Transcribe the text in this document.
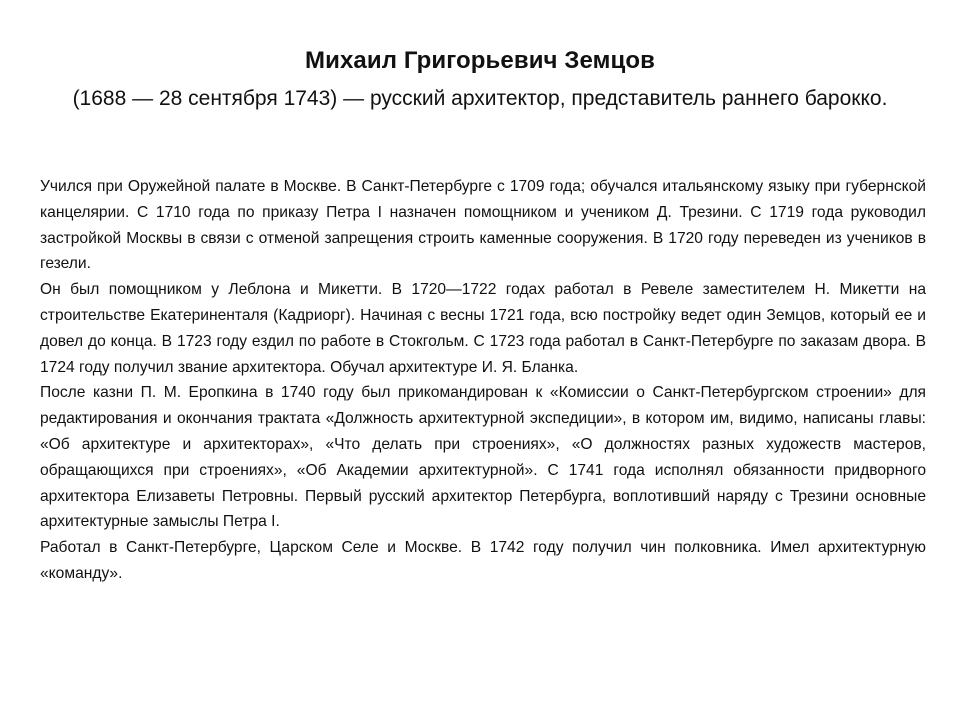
Михаил Григорьевич Земцов

(1688 — 28 сентября 1743) — русский архитектор, представитель раннего барокко.

Учился при Оружейной палате в Москве. В Санкт-Петербурге с 1709 года; обучался итальянскому языку при губернской канцелярии. С 1710 года по приказу Петра I назначен помощником и учеником Д. Трезини. С 1719 года руководил застройкой Москвы в связи с отменой запрещения строить каменные сооружения. В 1720 году переведен из учеников в гезели.

Он был помощником у Леблона и Микетти. В 1720—1722 годах работал в Ревеле заместителем Н. Микетти на строительстве Екатериненталя (Кадриорг). Начиная с весны 1721 года, всю постройку ведет один Земцов, который ее и довел до конца. В 1723 году ездил по работе в Стокгольм. С 1723 года работал в Санкт-Петербурге по заказам двора. В 1724 году получил звание архитектора. Обучал архитектуре И. Я. Бланка.

После казни П. М. Еропкина в 1740 году был прикомандирован к «Комиссии о Санкт-Петербургском строении» для редактирования и окончания трактата «Должность архитектурной экспедиции», в котором им, видимо, написаны главы: «Об архитектуре и архитекторах», «Что делать при строениях», «О должностях разных художеств мастеров, обращающихся при строениях», «Об Академии архитектурной». С 1741 года исполнял обязанности придворного архитектора Елизаветы Петровны. Первый русский архитектор Петербурга, воплотивший наряду с Трезини основные архитектурные замыслы Петра I.

Работал в Санкт-Петербурге, Царском Селе и Москве. В 1742 году получил чин полковника. Имел архитектурную «команду».
